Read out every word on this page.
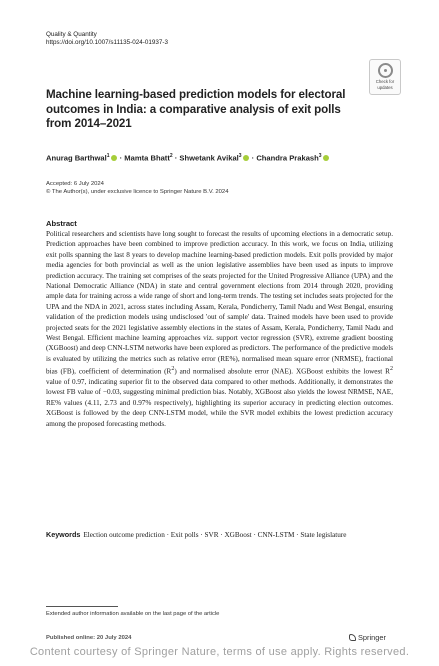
Quality & Quantity
https://doi.org/10.1007/s11135-024-01937-3
Check for
updates
Machine learning-based prediction models for electoral outcomes in India: a comparative analysis of exit polls from 2014–2021
Anurag Barthwal$^1$ · Mamta Bhatt$^2$ · Shwetank Avikal$^3$ · Chandra Prakash$^3$
Accepted: 6 July 2024
© The Author(s), under exclusive licence to Springer Nature B.V. 2024
Abstract
Political researchers and scientists have long sought to forecast the results of upcoming elections in a democratic setup. Prediction approaches have been combined to improve prediction accuracy. In this work, we focus on India, utilizing exit polls spanning the last 8 years to develop machine learning-based prediction models. Exit polls provided by major media agencies for both provincial as well as the union legislative assemblies have been used as inputs to improve prediction accuracy. The training set comprises of the seats projected for the United Progressive Alliance (UPA) and the National Democratic Alliance (NDA) in state and central government elections from 2014 through 2020, providing ample data for training across a wide range of short and long-term trends. The testing set includes seats projected for the UPA and the NDA in 2021, across states including Assam, Kerala, Pondicherry, Tamil Nadu and West Bengal, ensuring validation of the prediction models using undisclosed 'out of sample' data. Trained models have been used to provide projected seats for the 2021 legislative assembly elections in the states of Assam, Kerala, Pondicherry, Tamil Nadu and West Bengal. Efficient machine learning approaches viz. support vector regression (SVR), extreme gradient boosting (XGBoost) and deep CNN-LSTM networks have been explored as predictors. The performance of the predictive models is evaluated by utilizing the metrics such as relative error (RE%), normalised mean square error (NRMSE), fractional bias (FB), coefficient of determination $(R^2)$ and normalised absolute error (NAE). XGBoost exhibits the lowest $R^2$ value of 0.97, indicating superior fit to the observed data compared to other methods. Additionally, it demonstrates the lowest FB value of −0.03, suggesting minimal prediction bias. Notably, XGBoost also yields the lowest NRMSE, NAE, RE% values (4.11, 2.73 and 0.97% respectively), highlighting its superior accuracy in predicting election outcomes. XGBoost is followed by the deep CNN-LSTM model, while the SVR model exhibits the lowest prediction accuracy among the proposed forecasting methods.
Keywords Election outcome prediction · Exit polls · SVR · XGBoost · CNN-LSTM · State legislature
Extended author information available on the last page of the article
Published online: 20 July 2024	Springer
Content courtesy of Springer Nature, terms of use apply. Rights reserved.
